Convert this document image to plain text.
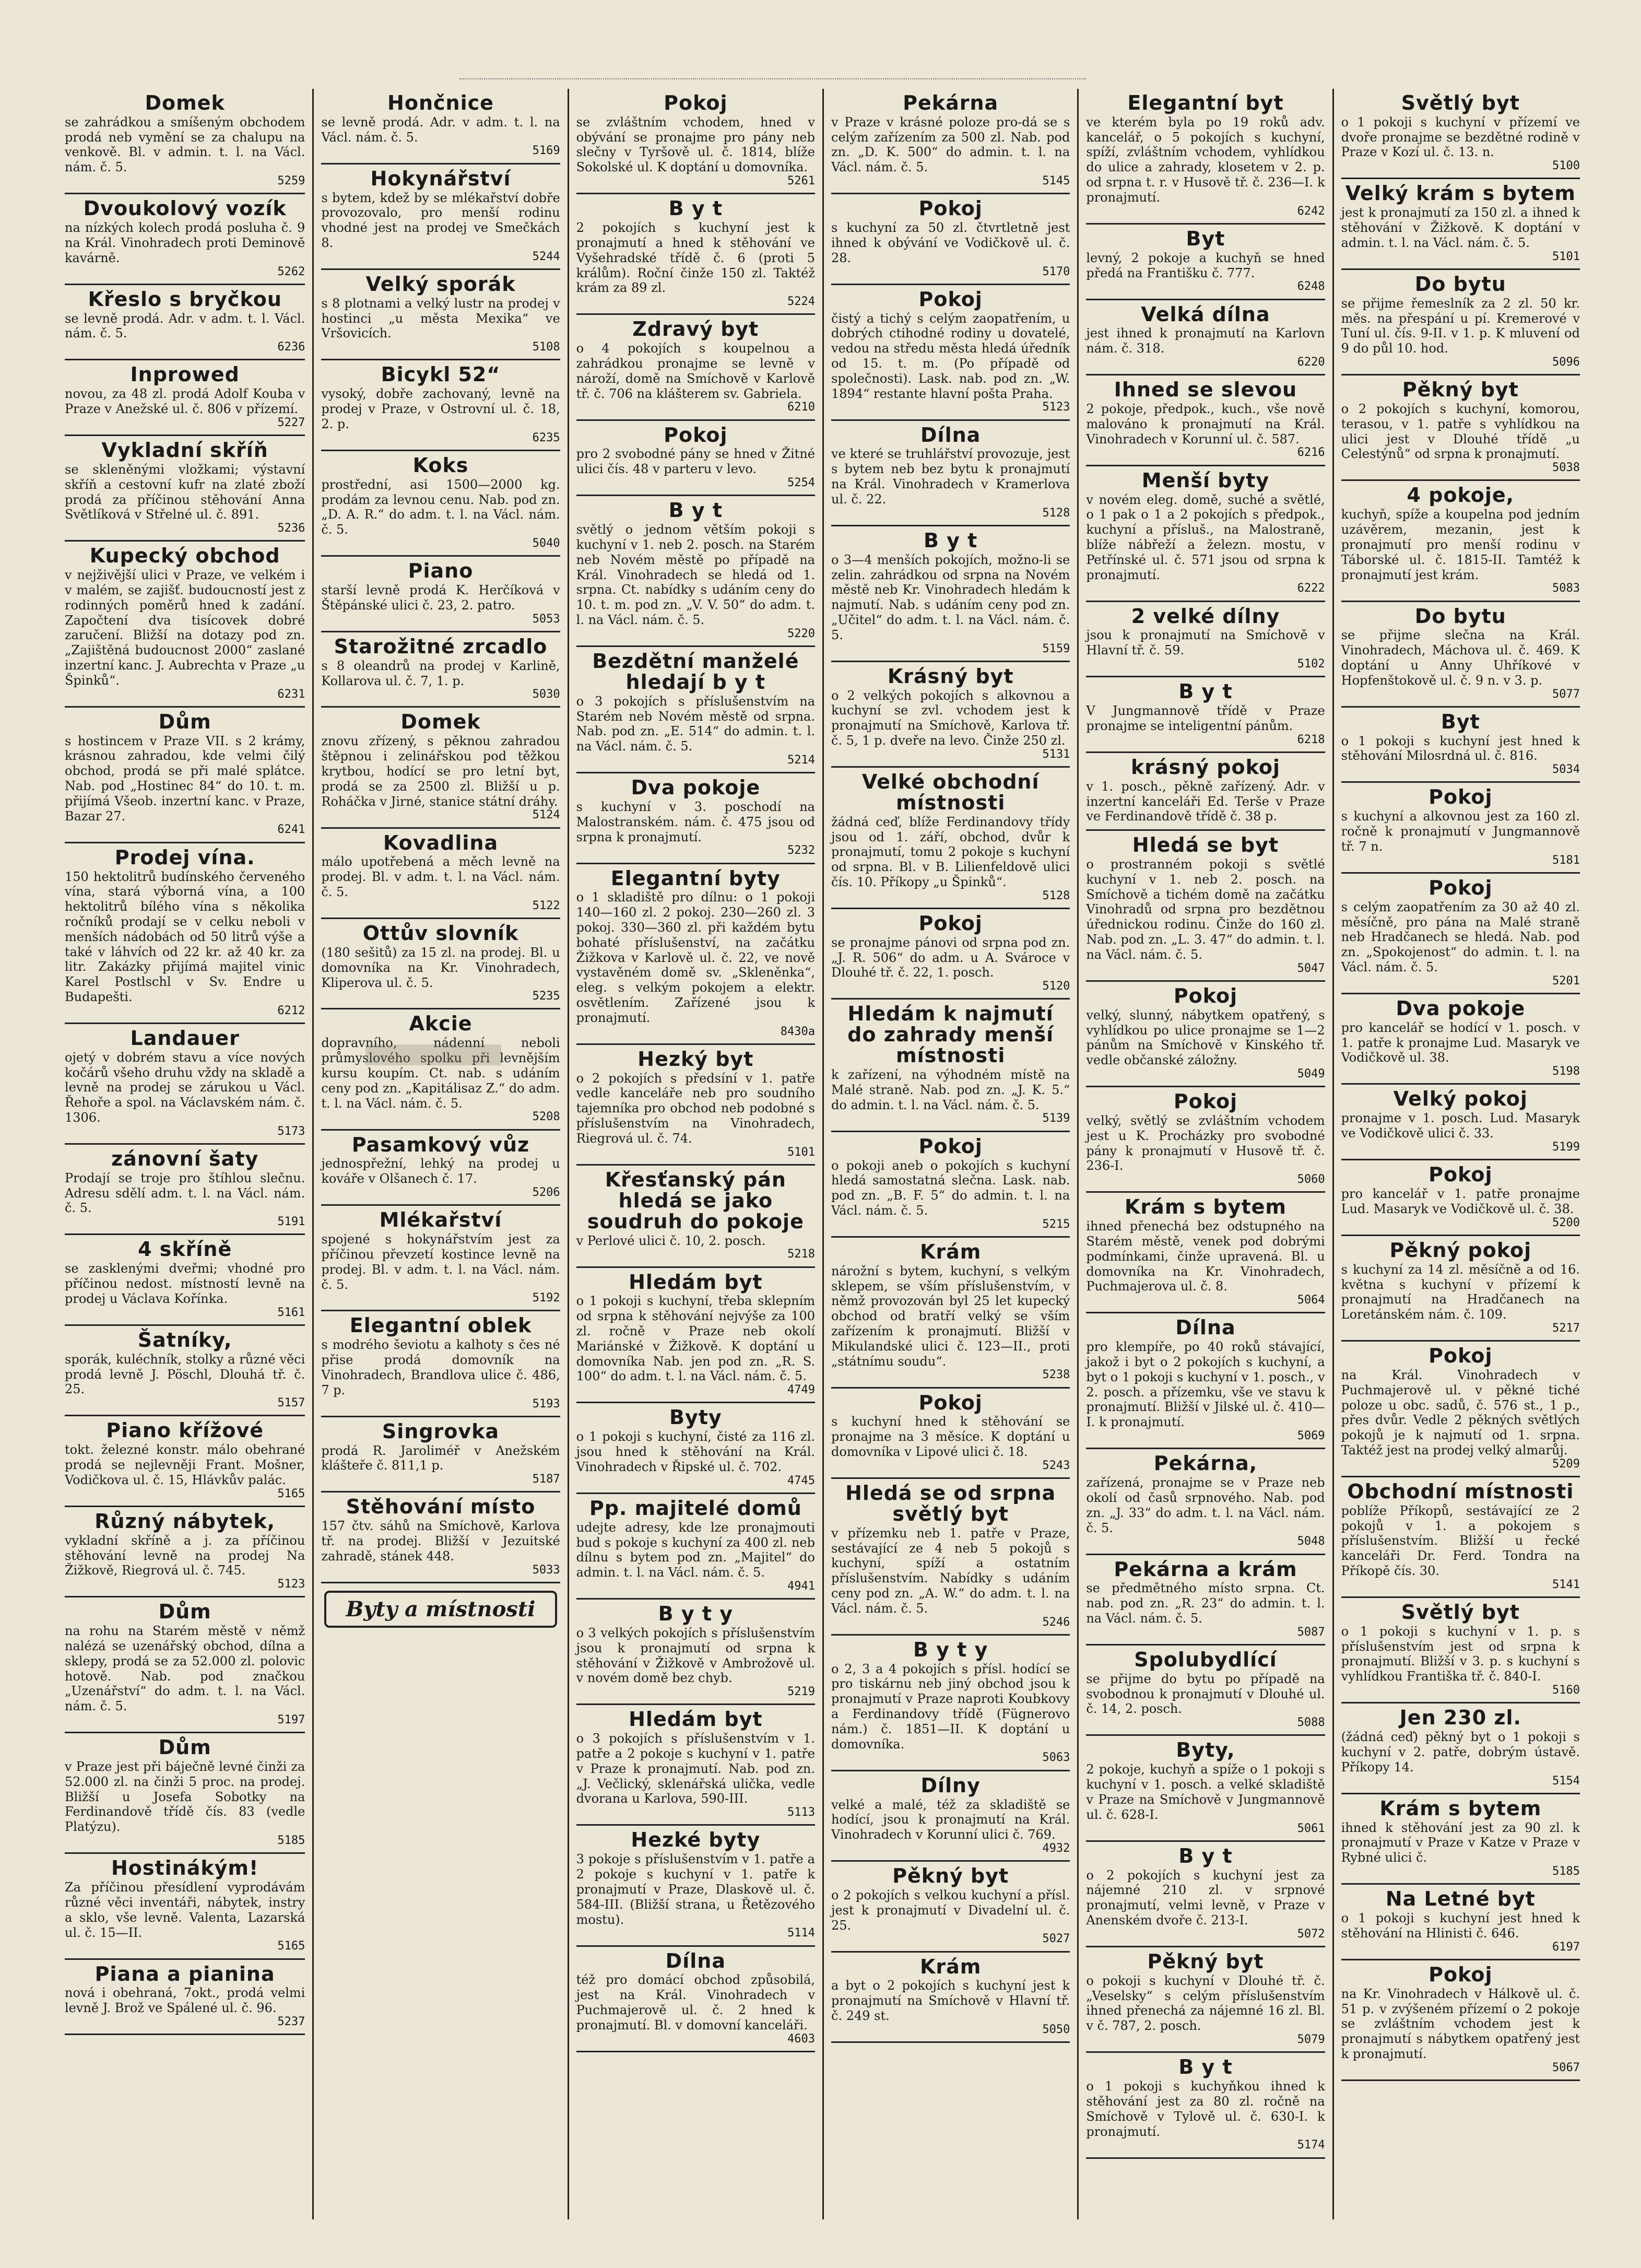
Domek

se zahrádkou a smíšeným obchodem prodá neb vymění se za chalupu na venkově. Bl. v admin. t. l. na Václ. nám. č. 5.

5259
Dvoukolový vozík

na nízkých kolech prodá posluha č. 9 na Král. Vinohradech proti Deminově kavárně.

5262
Křeslo s bryčkou

se levně prodá. Adr. v adm. t. l. Václ. nám. č. 5.

6236
Inprowed

novou, za 48 zl. prodá Adolf Kouba v Praze v Anežské ul. č. 806 v přízemí.

5227
Vykladní skříň

se skleněnými vložkami; výstavní skříň a cestovní kufr na zlaté zboží prodá za příčinou stěhování Anna Světlíková v Střelné ul. č. 891.

5236
Kupecký obchod

v nejživější ulici v Praze, ve velkém i v malém, se zajišť. budoucností jest z rodinných poměrů hned k zadání. Započtení dva tisícovek dobré zaručení. Bližší na dotazy pod zn. „Zajištěná budoucnost 2000“ zaslané inzertní kanc. J. Aubrechta v Praze „u Špinků“.

6231
Dům

s hostincem v Praze VII. s 2 krámy, krásnou zahradou, kde velmi čilý obchod, prodá se při malé splátce. Nab. pod „Hostinec 84“ do 10. t. m. přijímá Všeob. inzertní kanc. v Praze, Bazar 27.

6241
Prodej vína.

150 hektolitrů budínského červeného vína, stará výborná vína, a 100 hektolitrů bílého vína s několika ročníků prodají se v celku neboli v menších nádobách od 50 litrů výše a také v láhvích od 22 kr. až 40 kr. za litr. Zakázky přijímá majitel vinic Karel Postlschl v Sv. Endre u Budapešti.

6212
Landauer

ojetý v dobrém stavu a více nových kočárů všeho druhu vždy na skladě a levně na prodej se zárukou u Václ. Řehoře a spol. na Václavském nám. č. 1306.

5173
zánovní šaty

Prodají se troje pro štíhlou slečnu. Adresu sdělí adm. t. l. na Václ. nám. č. 5.

5191
4 skříně

se zasklenými dveřmi; vhodné pro příčinou nedost. místností levně na prodej u Václava Kořínka.

5161
Šatníky,

sporák, kuléchník, stolky a různé věci prodá levně J. Pöschl, Dlouhá tř. č. 25.

5157
Piano křížové

tokt. železné konstr. málo obehrané prodá se nejlevněji Frant. Mošner, Vodičkova ul. č. 15, Hlávkův palác.

5165
Různý nábytek,

vykladní skříně a j. za příčinou stěhování levně na prodej Na Žižkově, Riegrová ul. č. 745.

5123
Dům

na rohu na Starém městě v němž nalézá se uzenářský obchod, dílna a sklepy, prodá se za 52.000 zl. polovic hotově. Nab. pod značkou „Uzenářství“ do adm. t. l. na Václ. nám. č. 5.

5197
Dům

v Praze jest při báječně levné činži za 52.000 zl. na činži 5 proc. na prodej. Bližší u Josefa Sobotky na Ferdinandově třídě čís. 83 (vedle Platýzu).

5185
Hostinákým!

Za příčinou přesídlení vyprodávám různé věci inventáři, nábytek, instry a sklo, vše levně. Valenta, Lazarská ul. č. 15—II.

5165
Piana a pianina

nová i obehraná, 7okt., prodá velmi levně J. Brož ve Spálené ul. č. 96.

5237
Hončnice

se levně prodá. Adr. v adm. t. l. na Václ. nám. č. 5.

5169
Hokynářství

s bytem, kdež by se mlékařství dobře provozovalo, pro menší rodinu vhodné jest na prodej ve Smečkách 8.

5244
Velký sporák

s 8 plotnami a velký lustr na prodej v hostinci „u města Mexika“ ve Vršovicích.

5108
Bicykl 52“

vysoký, dobře zachovaný, levně na prodej v Praze, v Ostrovní ul. č. 18, 2. p.

6235
Koks

prostřední, asi 1500—2000 kg. prodám za levnou cenu. Nab. pod zn. „D. A. R.“ do adm. t. l. na Václ. nám. č. 5.

5040
Piano

starší levně prodá K. Herčíková v Štěpánské ulici č. 23, 2. patro.

5053
Starožitné zrcadlo

s 8 oleandrů na prodej v Karlině, Kollarova ul. č. 7, 1. p.

5030
Domek

znovu zřízený, s pěknou zahradou štěpnou i zelinářskou pod těžkou krytbou, hodící se pro letní byt, prodá se za 2500 zl. Bližší u p. Roháčka v Jirné, stanice státní dráhy.

5124
Kovadlina

málo upotřebená a měch levně na prodej. Bl. v adm. t. l. na Václ. nám. č. 5.

5122
Ottův slovník

(180 sešitů) za 15 zl. na prodej. Bl. u domovníka na Kr. Vinohradech, Kliperova ul. č. 5.

5235
Akcie

dopravního, nádenní neboli průmyslového spolku při levnějším kursu koupím. Ct. nab. s udáním ceny pod zn. „Kapitálisaz Z.“ do adm. t. l. na Václ. nám. č. 5.

5208
Pasamkový vůz

jednospřežní, lehký na prodej u kováře v Olšanech č. 17.

5206
Mlékařství

spojené s hokynářstvím jest za příčinou převzetí kostince levně na prodej. Bl. v adm. t. l. na Václ. nám. č. 5.

5192
Elegantní oblek

s modrého ševiotu a kalhoty s čes né přise prodá domovník na Vinohradech, Brandlova ulice č. 486, 7 p.

5193
Singrovka

prodá R. Jaroliméř v Anežském klášteře č. 811,1 p.

5187
Stěhování místo

157 čtv. sáhů na Smíchově, Karlova tř. na prodej. Bližší v Jezuitské zahradě, stánek 448.

5033
Byty a místnosti
Pokoj

se zvláštním vchodem, hned v obývání se pronajme pro pány neb slečny v Tyršově ul. č. 1814, blíže Sokolské ul. K doptání u domovníka.

5261
B y t

2 pokojích s kuchyní jest k pronajmutí a hned k stěhování ve Vyšehradské třídě č. 6 (proti 5 králům). Roční činže 150 zl. Taktéž krám za 89 zl.

5224
Zdravý byt

o 4 pokojích s koupelnou a zahrádkou pronajme se levně v nároží, domě na Smíchově v Karlově tř. č. 706 na klášterem sv. Gabriela.

6210
Pokoj

pro 2 svobodné pány se hned v Žitné ulici čís. 48 v parteru v levo.

5254
B y t

světlý o jednom větším pokoji s kuchyní v 1. neb 2. posch. na Starém neb Novém městě po případě na Král. Vinohradech se hledá od 1. srpna. Ct. nabídky s udáním ceny do 10. t. m. pod zn. „V. V. 50“ do adm. t. l. na Václ. nám. č. 5.

5220
Bezdětní manželé hledají b y t

o 3 pokojích s příslušenstvím na Starém neb Novém městě od srpna. Nab. pod zn. „E. 514“ do admin. t. l. na Václ. nám. č. 5.

5214
Dva pokoje

s kuchyní v 3. poschodí na Malostranském. nám. č. 475 jsou od srpna k pronajmutí.

5232
Elegantní byty

o 1 skladiště pro dílnu: o 1 pokoji 140—160 zl. 2 pokoj. 230—260 zl. 3 pokoj. 330—360 zl. při každém bytu bohaté příslušenství, na začátku Žižkova v Karlově ul. č. 22, ve nově vystavěném domě sv. „Skleněnka“, eleg. s velkým pokojem a elektr. osvětlením. Zařízené jsou k pronajmutí.

8430a
Hezký byt

o 2 pokojích s předsíní v 1. patře vedle kanceláře neb pro soudního tajemníka pro obchod neb podobné s příslušenstvím na Vinohradech, Riegrová ul. č. 74.

5101
Křesťanský pán hledá se jako soudruh do pokoje

v Perlové ulici č. 10, 2. posch.

5218
Hledám byt

o 1 pokoji s kuchyní, třeba sklepním od srpna k stěhování nejvýše za 100 zl. ročně v Praze neb okolí Mariánské v Žižkově. K doptání u domovníka Nab. jen pod zn. „R. S. 100“ do adm. t. l. na Václ. nám. č. 5.

4749
Byty

o 1 pokoji s kuchyní, čisté za 116 zl. jsou hned k stěhování na Král. Vinohradech v Řipské ul. č. 702.

4745
Pp. majitelé domů

udejte adresy, kde lze pronajmouti bud s pokoje s kuchyní za 400 zl. neb dílnu s bytem pod zn. „Majitel“ do admin. t. l. na Václ. nám. č. 5.

4941
B y t y

o 3 velkých pokojích s příslušenstvím jsou k pronajmutí od srpna k stěhování v Žižkově v Ambrožově ul. v novém domě bez chyb.

5219
Hledám byt

o 3 pokojích s příslušenstvím v 1. patře a 2 pokoje s kuchyní v 1. patře v Praze k pronajmutí. Nab. pod zn. „J. Večlický, sklenářská ulička, vedle dvorana u Karlova, 590-III.

5113
Hezké byty

3 pokoje s příslušenstvím v 1. patře a 2 pokoje s kuchyní v 1. patře k pronajmutí v Praze, Dlaskově ul. č. 584-III. (Bližší strana, u Řetězového mostu).

5114
Dílna

též pro domácí obchod způsobilá, jest na Král. Vinohradech v Puchmajerově ul. č. 2 hned k pronajmutí. Bl. v domovní kanceláři.

4603
Pekárna

v Praze v krásné poloze pro-dá se s celým zařízením za 500 zl. Nab. pod zn. „D. K. 500“ do admin. t. l. na Václ. nám. č. 5.

5145
Pokoj

s kuchyní za 50 zl. čtvrtletně jest ihned k obývání ve Vodičkově ul. č. 28.

5170
Pokoj

čistý a tichý s celým zaopatřením, u dobrých ctihodné rodiny u dovatelé, vedou na středu města hledá úředník od 15. t. m. (Po případě od společnosti). Lask. nab. pod zn. „W. 1894“ restante hlavní pošta Praha.

5123
Dílna

ve které se truhlářství provozuje, jest s bytem neb bez bytu k pronajmutí na Král. Vinohradech v Kramerlova ul. č. 22.

5128
B y t

o 3—4 menších pokojích, možno-li se zelin. zahrádkou od srpna na Novém městě neb Kr. Vinohradech hledám k najmutí. Nab. s udáním ceny pod zn. „Učitel“ do adm. t. l. na Václ. nám. č. 5.

5159
Krásný byt

o 2 velkých pokojích s alkovnou a kuchyní se zvl. vchodem jest k pronajmutí na Smíchově, Karlova tř. č. 5, 1 p. dveře na levo. Činže 250 zl.

5131
Velké obchodní místnosti

žádná ceď, blíže Ferdinandovy třídy jsou od 1. září, obchod, dvůr k pronajmutí, tomu 2 pokoje s kuchyní od srpna. Bl. v B. Lilienfeldově ulici čís. 10. Příkopy „u Špinků“.

5128
Pokoj

se pronajme pánovi od srpna pod zn. „J. R. 506“ do adm. u A. Svároce v Dlouhé tř. č. 22, 1. posch.

5120
Hledám k najmutí do zahrady menší místnosti

k zařízení, na výhodném místě na Malé straně. Nab. pod zn. „J. K. 5.“ do admin. t. l. na Václ. nám. č. 5.

5139
Pokoj

o pokoji aneb o pokojích s kuchyní hledá samostatná slečna. Lask. nab. pod zn. „B. F. 5“ do admin. t. l. na Václ. nám. č. 5.

5215
Krám

nárožní s bytem, kuchyní, s velkým sklepem, se vším příslušenstvím, v němž provozován byl 25 let kupecký obchod od bratří velký se vším zařízením k pronajmutí. Bližší v Mikulandské ulici č. 123—II., proti „státnímu soudu“.

5238
Pokoj

s kuchyní hned k stěhování se pronajme na 3 měsíce. K doptání u domovníka v Lipové ulici č. 18.

5243
Hledá se od srpna světlý byt

v přízemku neb 1. patře v Praze, sestávající ze 4 neb 5 pokojů s kuchyní, spíží a ostatním příslušenstvím. Nabídky s udáním ceny pod zn. „A. W.“ do adm. t. l. na Václ. nám. č. 5.

5246
B y t y

o 2, 3 a 4 pokojích s přísl. hodící se pro tiskárnu neb jiný obchod jsou k pronajmutí v Praze naproti Koubkovy a Ferdinandovy třídě (Fügnerovo nám.) č. 1851—II. K doptání u domovníka.

5063
Dílny

velké a malé, též za skladiště se hodící, jsou k pronajmutí na Král. Vinohradech v Korunní ulici č. 769.

4932
Pěkný byt

o 2 pokojích s velkou kuchyní a přísl. jest k pronajmutí v Divadelní ul. č. 25.

5027
Krám

a byt o 2 pokojích s kuchyní jest k pronajmutí na Smíchově v Hlavní tř. č. 249 st.

5050
Elegantní byt

ve kterém byla po 19 roků adv. kancelář, o 5 pokojích s kuchyní, spíží, zvláštním vchodem, vyhlídkou do ulice a zahrady, klosetem v 2. p. od srpna t. r. v Husově tř. č. 236—I. k pronajmutí.

6242
Byt

levný, 2 pokoje a kuchyň se hned předá na Františku č. 777.

6248
Velká dílna

jest ihned k pronajmutí na Karlovn nám. č. 318.

6220
Ihned se slevou

2 pokoje, předpok., kuch., vše nově malováno k pronajmutí na Král. Vinohradech v Korunní ul. č. 587.

6216
Menší byty

v novém eleg. domě, suché a světlé, o 1 pak o 1 a 2 pokojích s předpok., kuchyní a přísluš., na Malostraně, blíže nábřeží a železn. mostu, v Petřínské ul. č. 571 jsou od srpna k pronajmutí.

6222
2 velké dílny

jsou k pronajmutí na Smíchově v Hlavní tř. č. 59.

5102
B y t

V Jungmannově třídě v Praze pronajme se inteligentní pánům.

6218
krásný pokoj

v 1. posch., pěkně zařízený. Adr. v inzertní kanceláři Ed. Terše v Praze ve Ferdinandově třídě č. 38 p.

Hledá se byt

o prostranném pokoji s světlé kuchyní v 1. neb 2. posch. na Smíchově a tichém domě na začátku Vinohradů od srpna pro bezdětnou úřednickou rodinu. Činže do 160 zl. Nab. pod zn. „L. 3. 47“ do admin. t. l. na Václ. nám. č. 5.

5047
Pokoj

velký, slunný, nábytkem opatřený, s vyhlídkou po ulice pronajme se 1—2 pánům na Smíchově v Kinského tř. vedle občanské záložny.

5049
Pokoj

velký, světlý se zvláštním vchodem jest u K. Procházky pro svobodné pány k pronajmutí v Husově tř. č. 236-I.

5060
Krám s bytem

ihned přenechá bez odstupného na Starém městě, venek pod dobrými podmínkami, činže upravená. Bl. u domovníka na Kr. Vinohradech, Puchmajerova ul. č. 8.

5064
Dílna

pro klempíře, po 40 roků stávající, jakož i byt o 2 pokojích s kuchyní, a byt o 1 pokoji s kuchyní v 1. posch., v 2. posch. a přízemku, vše ve stavu k pronajmutí. Bližší v Jilské ul. č. 410—I. k pronajmutí.

5069
Pekárna,

zařízená, pronajme se v Praze neb okolí od časů srpnového. Nab. pod zn. „J. 33“ do adm. t. l. na Václ. nám. č. 5.

5048
Pekárna a krám

se předmětného místo srpna. Ct. nab. pod zn. „R. 23“ do admin. t. l. na Václ. nám. č. 5.

5087
Spolubydlící

se přijme do bytu po případě na svobodnou k pronajmutí v Dlouhé ul. č. 14, 2. posch.

5088
Byty,

2 pokoje, kuchyň a spíže o 1 pokoji s kuchyní v 1. posch. a velké skladiště v Praze na Smíchově v Jungmannově ul. č. 628-I.

5061
B y t

o 2 pokojích s kuchyní jest za nájemné 210 zl. v srpnové pronajmutí, velmi levně, v Praze v Anenském dvoře č. 213-I.

5072
Pěkný byt

o pokoji s kuchyní v Dlouhé tř. č. „Veselsky“ s celým příslušenstvím ihned přenechá za nájemné 16 zl. Bl. v č. 787, 2. posch.

5079
B y t

o 1 pokoji s kuchyňkou ihned k stěhování jest za 80 zl. ročně na Smíchově v Tylově ul. č. 630-I. k pronajmutí.

5174
Světlý byt

o 1 pokoji s kuchyní v přízemí ve dvoře pronajme se bezdětné rodině v Praze v Kozí ul. č. 13. n.

5100
Velký krám s bytem

jest k pronajmutí za 150 zl. a ihned k stěhování v Žižkově. K doptání v admin. t. l. na Václ. nám. č. 5.

5101
Do bytu

se přijme řemeslník za 2 zl. 50 kr. měs. na přespání u pí. Kremerové v Tuní ul. čís. 9-II. v 1. p. K mluvení od 9 do půl 10. hod.

5096
Pěkný byt

o 2 pokojích s kuchyní, komorou, terasou, v 1. patře s vyhlídkou na ulici jest v Dlouhé třídě „u Celestýnů“ od srpna k pronajmutí.

5038
4 pokoje,

kuchyň, spíže a koupelna pod jedním uzávěrem, mezanin, jest k pronajmutí pro menší rodinu v Táborské ul. č. 1815-II. Tamtéž k pronajmutí jest krám.

5083
Do bytu

se přijme slečna na Král. Vinohradech, Máchova ul. č. 469. K doptání u Anny Uhříkové v Hopfenštokově ul. č. 9 n. v 3. p.

5077
Byt

o 1 pokoji s kuchyní jest hned k stěhování Milosrdná ul. č. 816.

5034
Pokoj

s kuchyní a alkovnou jest za 160 zl. ročně k pronajmutí v Jungmannově tř. 7 n.

5181
Pokoj

s celým zaopatřením za 30 až 40 zl. měsíčně, pro pána na Malé straně neb Hradčanech se hledá. Nab. pod zn. „Spokojenost“ do admin. t. l. na Václ. nám. č. 5.

5201
Dva pokoje

pro kancelář se hodící v 1. posch. v 1. patře k pronajme Lud. Masaryk ve Vodičkově ul. 38.

5198
Velký pokoj

pronajme v 1. posch. Lud. Masaryk ve Vodičkově ulici č. 33.

5199
Pokoj

pro kancelář v 1. patře pronajme Lud. Masaryk ve Vodičkově ul. č. 38.

5200
Pěkný pokoj

s kuchyní za 14 zl. měsíčně a od 16. května s kuchyní v přízemí k pronajmutí na Hradčanech na Loretánském nám. č. 109.

5217
Pokoj

na Král. Vinohradech v Puchmajerově ul. v pěkné tiché poloze u obc. sadů, č. 576 st., 1 p., přes dvůr. Vedle 2 pěkných světlých pokojů je k najmutí od 1. srpna. Taktéž jest na prodej velký almarůj.

5209
Obchodní místnosti

poblíže Příkopů, sestávající ze 2 pokojů v 1. a pokojem s příslušenstvím. Bližší u řecké kanceláři Dr. Ferd. Tondra na Příkopě čís. 30.

5141
Světlý byt

o 1 pokoji s kuchyní v 1. p. s příslušenstvím jest od srpna k pronajmutí. Bližší v 3. p. s kuchyní s vyhlídkou Františka tř. č. 840-I.

5160
Jen 230 zl.

(žádná ceď) pěkný byt o 1 pokoji s kuchyní v 2. patře, dobrým ústavě. Příkopy 14.

5154
Krám s bytem

ihned k stěhování jest za 90 zl. k pronajmutí v Praze v Katze v Praze v Rybné ulici č.

5185
Na Letné byt

o 1 pokoji s kuchyní jest hned k stěhování na Hlinisti č. 646.

6197
Pokoj

na Kr. Vinohradech v Hálkově ul. č. 51 p. v zvýšeném přízemí o 2 pokoje se zvláštním vchodem jest k pronajmutí s nábytkem opatřený jest k pronajmutí.

5067
